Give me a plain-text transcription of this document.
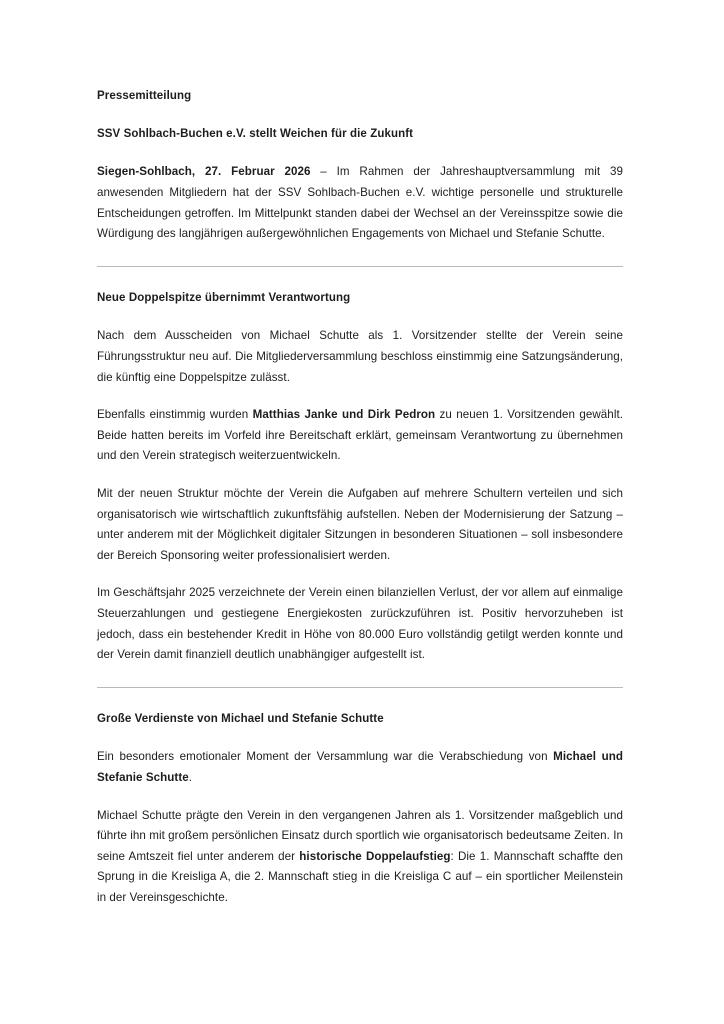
Pressemitteilung
SSV Sohlbach-Buchen e.V. stellt Weichen für die Zukunft

Siegen-Sohlbach, 27. Februar 2026 – Im Rahmen der Jahreshauptversammlung mit 39 anwesenden Mitgliedern hat der SSV Sohlbach-Buchen e.V. wichtige personelle und strukturelle Entscheidungen getroffen. Im Mittelpunkt standen dabei der Wechsel an der Vereinsspitze sowie die Würdigung des langjährigen außergewöhnlichen Engagements von Michael und Stefanie Schutte.

Neue Doppelspitze übernimmt Verantwortung

Nach dem Ausscheiden von Michael Schutte als 1. Vorsitzender stellte der Verein seine Führungsstruktur neu auf. Die Mitgliederversammlung beschloss einstimmig eine Satzungsänderung, die künftig eine Doppelspitze zulässt.

Ebenfalls einstimmig wurden Matthias Janke und Dirk Pedron zu neuen 1. Vorsitzenden gewählt. Beide hatten bereits im Vorfeld ihre Bereitschaft erklärt, gemeinsam Verantwortung zu übernehmen und den Verein strategisch weiterzuentwickeln.

Mit der neuen Struktur möchte der Verein die Aufgaben auf mehrere Schultern verteilen und sich organisatorisch wie wirtschaftlich zukunftsfähig aufstellen. Neben der Modernisierung der Satzung – unter anderem mit der Möglichkeit digitaler Sitzungen in besonderen Situationen – soll insbesondere der Bereich Sponsoring weiter professionalisiert werden.

Im Geschäftsjahr 2025 verzeichnete der Verein einen bilanziellen Verlust, der vor allem auf einmalige Steuerzahlungen und gestiegene Energiekosten zurückzuführen ist. Positiv hervorzuheben ist jedoch, dass ein bestehender Kredit in Höhe von 80.000 Euro vollständig getilgt werden konnte und der Verein damit finanziell deutlich unabhängiger aufgestellt ist.

Große Verdienste von Michael und Stefanie Schutte

Ein besonders emotionaler Moment der Versammlung war die Verabschiedung von Michael und Stefanie Schutte.

Michael Schutte prägte den Verein in den vergangenen Jahren als 1. Vorsitzender maßgeblich und führte ihn mit großem persönlichen Einsatz durch sportlich wie organisatorisch bedeutsame Zeiten. In seine Amtszeit fiel unter anderem der historische Doppelaufstieg: Die 1. Mannschaft schaffte den Sprung in die Kreisliga A, die 2. Mannschaft stieg in die Kreisliga C auf – ein sportlicher Meilenstein in der Vereinsgeschichte.
